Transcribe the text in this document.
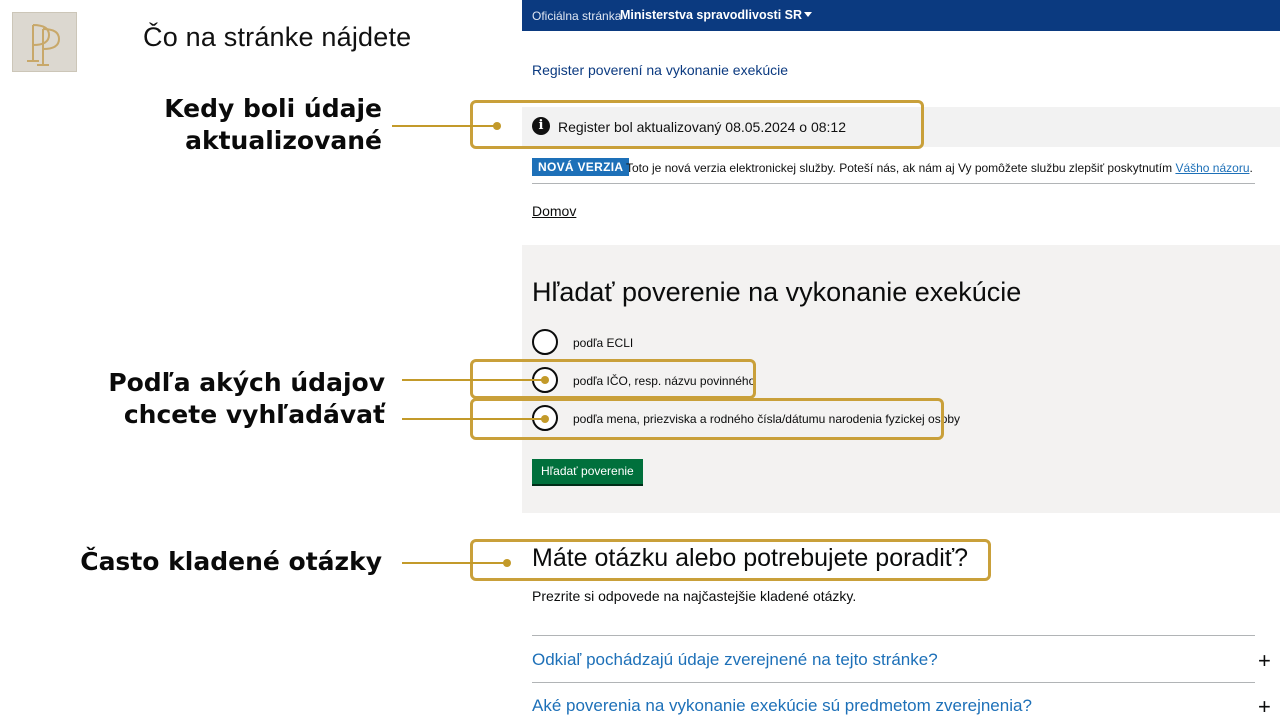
Čo na stránke nájdete
Kedy boli údaje
aktualizované
Podľa akých údajov
chcete vyhľadávať
Často kladené otázky
Oficiálna stránka
Ministerstva spravodlivosti SR
Register poverení na vykonanie exekúcie
i	Register bol aktualizovaný 08.05.2024 o 08:12
NOVÁ VERZIA Toto je nová verzia elektronickej služby. Poteší nás, ak nám aj Vy pomôžete službu zlepšiť poskytnutím Vášho názoru.
Domov
Hľadať poverenie na vykonanie exekúcie
podľa ECLI
podľa IČO, resp. názvu povinného
podľa mena, priezviska a rodného čísla/dátumu narodenia fyzickej osoby
Hľadať poverenie
Máte otázku alebo potrebujete poradiť?
Prezrite si odpovede na najčastejšie kladené otázky.
Odkiaľ pochádzajú údaje zverejnené na tejto stránke?	+
Aké poverenia na vykonanie exekúcie sú predmetom zverejnenia?	+
